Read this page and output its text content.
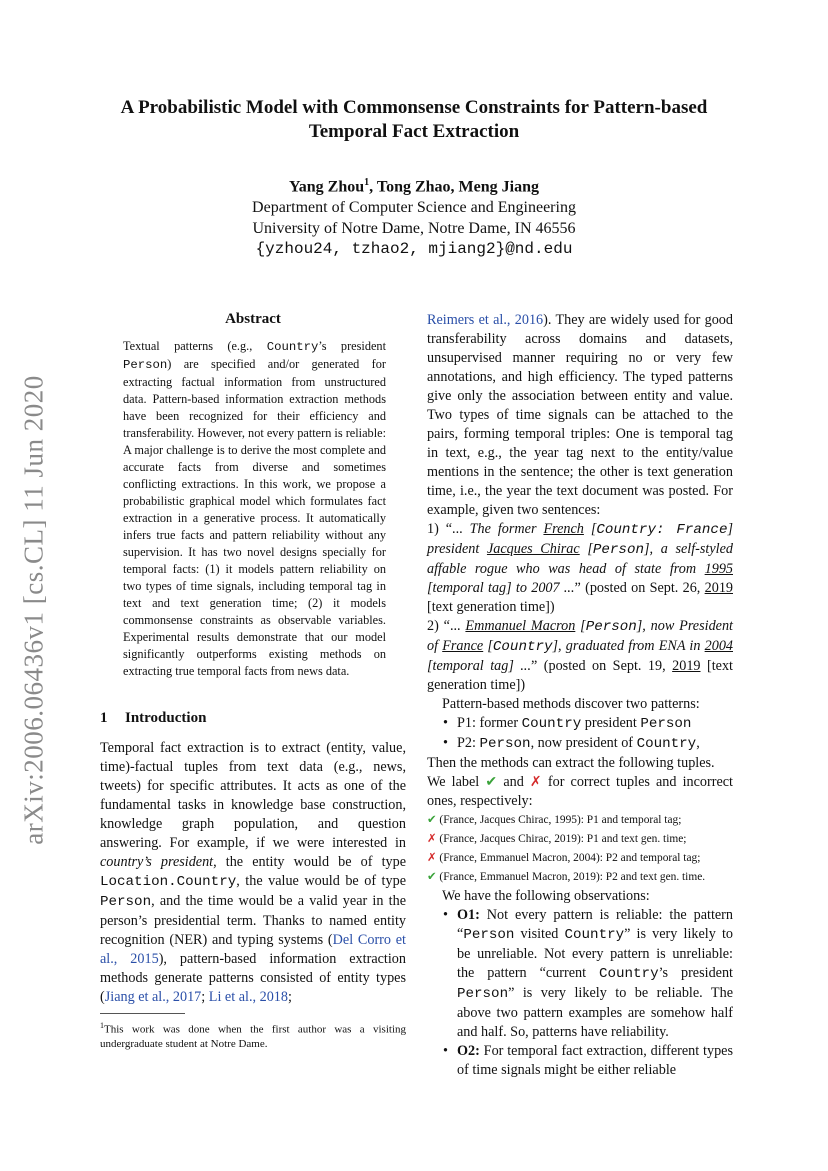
arXiv:2006.06436v1 [cs.CL] 11 Jun 2020
A Probabilistic Model with Commonsense Constraints for Pattern-based
Temporal Fact Extraction
Yang Zhou$^1$, Tong Zhao, Meng Jiang
Department of Computer Science and Engineering
University of Notre Dame, Notre Dame, IN 46556
{yzhou24, tzhao2, mjiang2}@nd.edu
Abstract
Textual patterns (e.g., Country’s president Person) are specified and/or generated for extracting factual information from unstructured data. Pattern-based information extraction methods have been recognized for their efficiency and transferability. However, not every pattern is reliable: A major challenge is to derive the most complete and accurate facts from diverse and sometimes conflicting extractions. In this work, we propose a probabilistic graphical model which formulates fact extraction in a generative process. It automatically infers true facts and pattern reliability without any supervision. It has two novel designs specially for temporal facts: (1) it models pattern reliability on two types of time signals, including temporal tag in text and text generation time; (2) it models commonsense constraints as observable variables. Experimental results demonstrate that our model significantly outperforms existing methods on extracting true temporal facts from news data.
1 Introduction
Temporal fact extraction is to extract (entity, value, time)-factual tuples from text data (e.g., news, tweets) for specific attributes. It acts as one of the fundamental tasks in knowledge base construction, knowledge graph population, and question answering. For example, if we were interested in country’s president, the entity would be of type Location.Country, the value would be of type Person, and the time would be a valid year in the person’s presidential term. Thanks to named entity recognition (NER) and typing systems (Del Corro et al., 2015), pattern-based information extraction methods generate patterns consisted of entity types (Jiang et al., 2017; Li et al., 2018;
$^1$This work was done when the first author was a visiting undergraduate student at Notre Dame.

Reimers et al., 2016). They are widely used for good transferability across domains and datasets, unsupervised manner requiring no or very few annotations, and high efficiency. The typed patterns give only the association between entity and value. Two types of time signals can be attached to the pairs, forming temporal triples: One is temporal tag in text, e.g., the year tag next to the entity/value mentions in the sentence; the other is text generation time, i.e., the year the text document was posted. For example, given two sentences:

1) “... The former French [Country: France] president Jacques Chirac [Person], a self-styled affable rogue who was head of state from 1995 [temporal tag] to 2007 ...” (posted on Sept. 26, 2019 [text generation time])

2) “... Emmanuel Macron [Person], now President of France [Country], graduated from ENA in 2004 [temporal tag] ...” (posted on Sept. 19, 2019 [text generation time])

Pattern-based methods discover two patterns:

• P1: former Country president Person

• P2: Person, now president of Country,

Then the methods can extract the following tuples.

We label ✔ and ✗ for correct tuples and incorrect ones, respectively:

✔ (France, Jacques Chirac, 1995): P1 and temporal tag;

✗ (France, Jacques Chirac, 2019): P1 and text gen. time;

✗ (France, Emmanuel Macron, 2004): P2 and temporal tag;

✔ (France, Emmanuel Macron, 2019): P2 and text gen. time.

We have the following observations:

• O1: Not every pattern is reliable: the pattern “Person visited Country” is very likely to be unreliable. Not every pattern is unreliable: the pattern “current Country’s president Person” is very likely to be reliable. The above two pattern examples are somehow half and half. So, patterns have reliability.

• O2: For temporal fact extraction, different types of time signals might be either reliable
